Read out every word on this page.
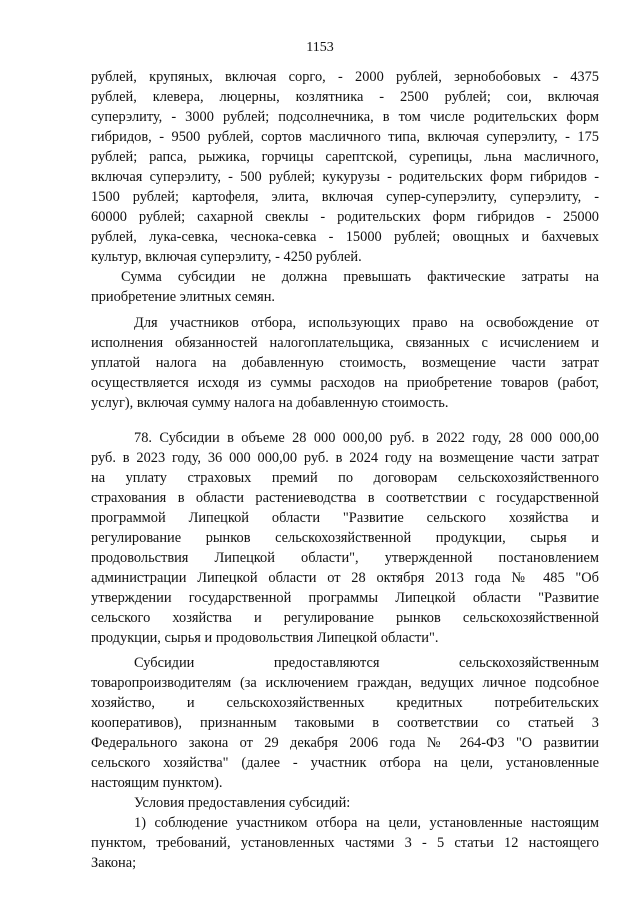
1153
рублей, крупяных, включая сорго, - 2000 рублей, зернобобовых - 4375
рублей, клевера, люцерны, козлятника - 2500 рублей; сои, включая
суперэлиту, - 3000 рублей; подсолнечника, в том числе родительских форм
гибридов, - 9500 рублей, сортов масличного типа, включая суперэлиту, - 175
рублей; рапса, рыжика, горчицы сарептской, сурепицы, льна масличного,
включая суперэлиту, - 500 рублей; кукурузы - родительских форм гибридов -
1500 рублей; картофеля, элита, включая супер-суперэлиту, суперэлиту, -
60000 рублей; сахарной свеклы - родительских форм гибридов - 25000
рублей, лука-севка, чеснока-севка - 15000 рублей; овощных и бахчевых
культур, включая суперэлиту, - 4250 рублей.
Сумма субсидии не должна превышать фактические затраты на
приобретение элитных семян.
Для участников отбора, использующих право на освобождение от
исполнения обязанностей налогоплательщика, связанных с исчислением и
уплатой налога на добавленную стоимость, возмещение части затрат
осуществляется исходя из суммы расходов на приобретение товаров (работ,
услуг), включая сумму налога на добавленную стоимость.
78. Субсидии в объеме 28 000 000,00 руб. в 2022 году, 28 000 000,00
руб. в 2023 году, 36 000 000,00 руб. в 2024 году на возмещение части затрат
на уплату страховых премий по договорам сельскохозяйственного
страхования в области растениеводства в соответствии с государственной
программой Липецкой области "Развитие сельского хозяйства и
регулирование рынков сельскохозяйственной продукции, сырья и
продовольствия Липецкой области", утвержденной постановлением
администрации Липецкой области от 28 октября 2013 года № 485 "Об
утверждении государственной программы Липецкой области "Развитие
сельского хозяйства и регулирование рынков сельскохозяйственной
продукции, сырья и продовольствия Липецкой области".
Субсидии предоставляются сельскохозяйственным
товаропроизводителям (за исключением граждан, ведущих личное подсобное
хозяйство, и сельскохозяйственных кредитных потребительских
кооперативов), признанным таковыми в соответствии со статьей 3
Федерального закона от 29 декабря 2006 года № 264-ФЗ "О развитии
сельского хозяйства" (далее - участник отбора на цели, установленные
настоящим пунктом).
Условия предоставления субсидий:
1) соблюдение участником отбора на цели, установленные настоящим
пунктом, требований, установленных частями 3 - 5 статьи 12 настоящего
Закона;
